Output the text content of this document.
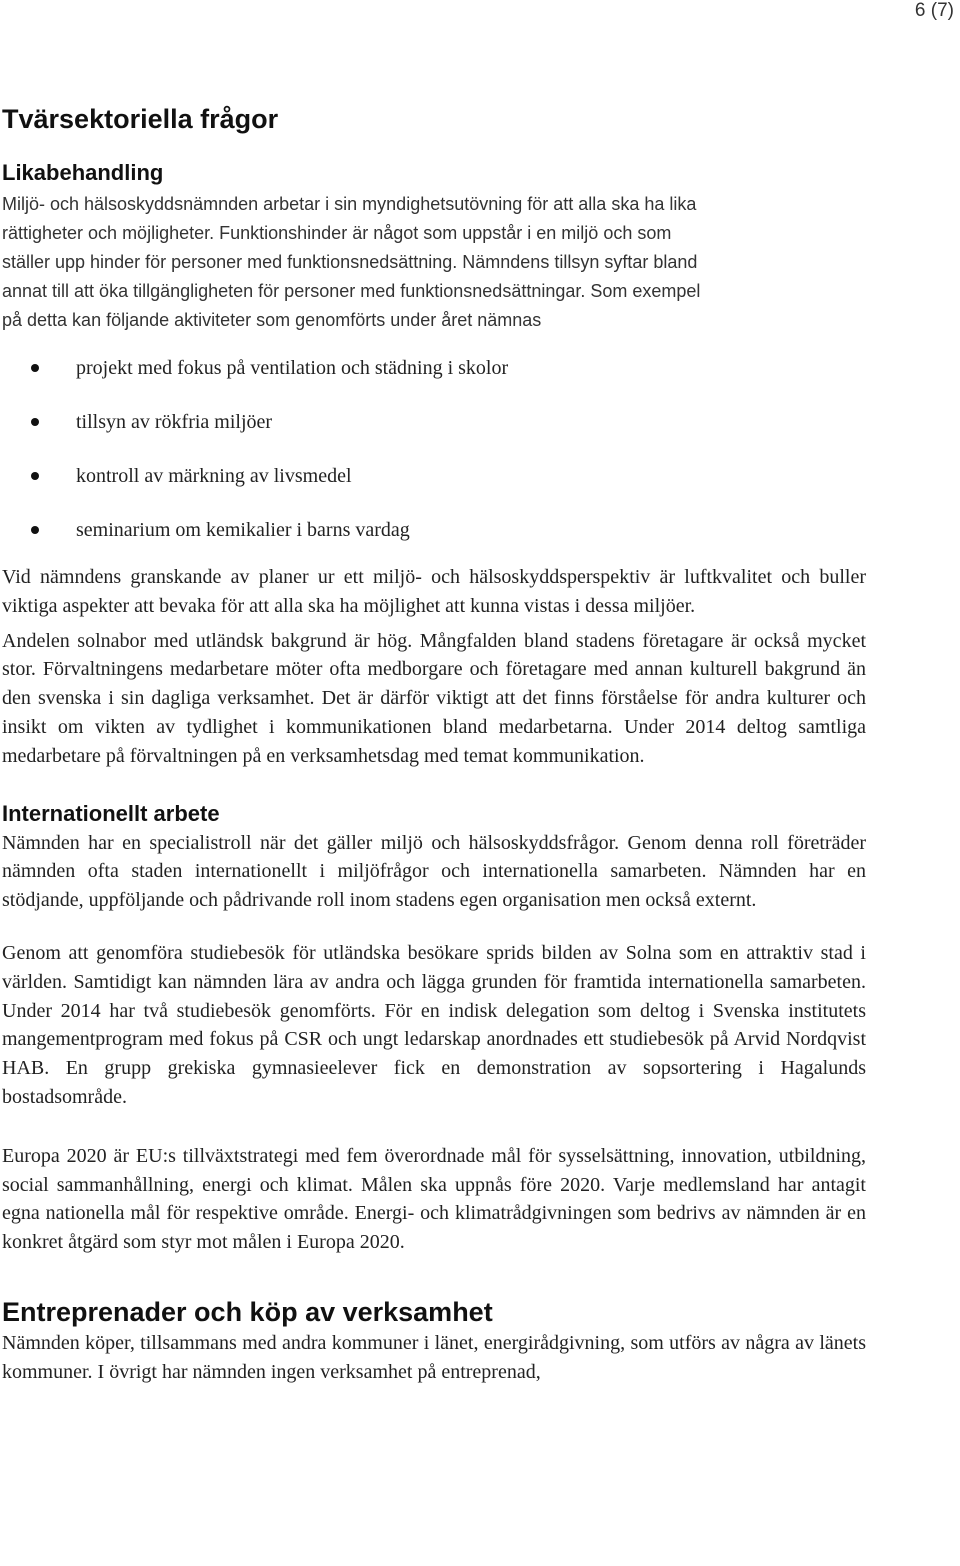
6 (7)
Tvärsektoriella frågor
Likabehandling

Miljö- och hälsoskyddsnämnden arbetar i sin myndighetsutövning för att alla ska ha lika

rättigheter och möjligheter. Funktionshinder är något som uppstår i en miljö och som

ställer upp hinder för personer med funktionsnedsättning. Nämndens tillsyn syftar bland

annat till att öka tillgängligheten för personer med funktionsnedsättningar. Som exempel

på detta kan följande aktiviteter som genomförts under året nämnas

projekt med fokus på ventilation och städning i skolor
tillsyn av rökfria miljöer
kontroll av märkning av livsmedel
seminarium om kemikalier i barns vardag

Vid nämndens granskande av planer ur ett miljö- och hälsoskyddsperspektiv är luftkvalitet och buller viktiga aspekter att bevaka för att alla ska ha möjlighet att kunna vistas i dessa miljöer.

Andelen solnabor med utländsk bakgrund är hög. Mångfalden bland stadens företagare är också mycket stor. Förvaltningens medarbetare möter ofta medborgare och företagare med annan kulturell bakgrund än den svenska i sin dagliga verksamhet. Det är därför viktigt att det finns förståelse för andra kulturer och insikt om vikten av tydlighet i kommunikationen bland medarbetarna. Under 2014 deltog samtliga medarbetare på förvaltningen på en verksamhetsdag med temat kommunikation.

Internationellt arbete

Nämnden har en specialistroll när det gäller miljö och hälsoskyddsfrågor. Genom denna roll företräder nämnden ofta staden internationellt i miljöfrågor och internationella samarbeten. Nämnden har en stödjande, uppföljande och pådrivande roll inom stadens egen organisation men också externt.

Genom att genomföra studiebesök för utländska besökare sprids bilden av Solna som en attraktiv stad i världen. Samtidigt kan nämnden lära av andra och lägga grunden för framtida internationella samarbeten. Under 2014 har två studiebesök genomförts. För en indisk delegation som deltog i Svenska institutets mangementprogram med fokus på CSR och ungt ledarskap anordnades ett studiebesök på Arvid Nordqvist HAB. En grupp grekiska gymnasieelever fick en demonstration av sopsortering i Hagalunds bostadsområde.

Europa 2020 är EU:s tillväxtstrategi med fem överordnade mål för sysselsättning, innovation, utbildning, social sammanhållning, energi och klimat. Målen ska uppnås före 2020. Varje medlemsland har antagit egna nationella mål för respektive område. Energi- och klimatrådgivningen som bedrivs av nämnden är en konkret åtgärd som styr mot målen i Europa 2020.

Entreprenader och köp av verksamhet

Nämnden köper, tillsammans med andra kommuner i länet, energirådgivning, som utförs av några av länets kommuner. I övrigt har nämnden ingen verksamhet på entreprenad,
